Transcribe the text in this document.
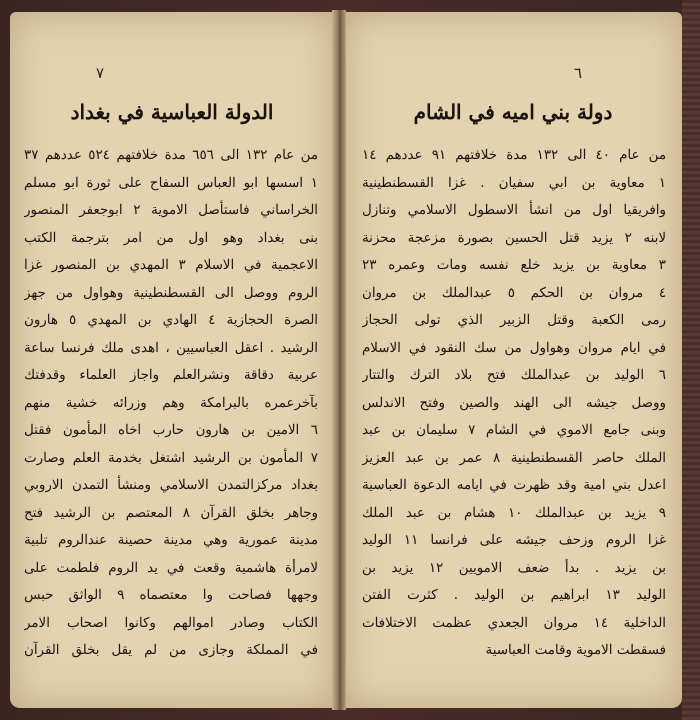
٧
الدولة العباسية في بغداد
من عام ١٣٢ الى ٦٥٦ مدة خلافتهم ٥٢٤ عددهم ٣٧
١ اسسها ابو العباس السفاح على ثورة ابو مسلم
الخراساني فاستأصل الاموية ٢ ابوجعفر المنصور
بنى بغداد وهو اول من امر بترجمة الكتب
الاعجمية في الاسلام ٣ المهدي بن المنصور غزا
الروم ووصل الى القسطنطينية وهواول من جهز
الصرة الحجازية ٤ الهادي بن المهدي ٥ هارون
الرشيد . اعقل العباسيين ، اهدى ملك فرنسا ساعة
عربية دقاقة ونشرالعلم واجاز العلماء وقدفتك
بآخرعمره بالبرامكة وهم وزرائه خشية منهم
٦ الامين بن هارون حارب اخاه المأمون فقتل
٧ المأمون بن الرشيد اشتغل بخدمة العلم وصارت
بغداد مركزالتمدن الاسلامي ومنشأ التمدن الاروبي
وجاهر بخلق القرآن ٨ المعتصم بن الرشيد فتح
مدينة عمورية وهي مدينة حصينة عندالروم تلبية
لامرأة هاشمية وقعت في يد الروم فلطمت على
وجهها فصاحت وا معتصماه ٩ الواثق حبس
الكتاب وصادر اموالهم وكانوا اصحاب الامر
في المملكة وجازى من لم يقل بخلق القرآن
٦
دولة بني اميه في الشام
من عام ٤٠ الى ١٣٢ مدة خلافتهم ٩١ عددهم ١٤
١ معاوية بن ابي سفيان . غزا القسطنطينية
وافريقيا اول من انشأ الاسطول الاسلامي وتنازل
لابنه ٢ يزيد قتل الحسين بصورة مزعجة محزنة
٣ معاوية بن يزيد خلع نفسه ومات وعمره ٢٣
٤ مروان بن الحكم ٥ عبدالملك بن مروان
رمى الكعبة وقتل الزبير الذي تولى الحجاز
في ايام مروان وهواول من سك النقود في الاسلام
٦ الوليد بن عبدالملك فتح بلاد الترك والتتار
ووصل جيشه الى الهند والصين وفتح الاندلس
وبنى جامع الاموي في الشام ٧ سليمان بن عبد
الملك حاصر القسطنطينية ٨ عمر بن عبد العزيز
اعدل بني امية وقد ظهرت في ايامه الدعوة العباسية
٩ يزيد بن عبدالملك ١٠ هشام بن عبد الملك
غزا الروم وزحف جيشه على فرانسا ١١ الوليد
بن يزيد . بدأ ضعف الامويين ١٢ يزيد بن
الوليد ١٣ ابراهيم بن الوليد . كثرت الفتن
الداخلية ١٤ مروان الجعدي عظمت الاختلافات
فسقطت الاموية وقامت العباسية
